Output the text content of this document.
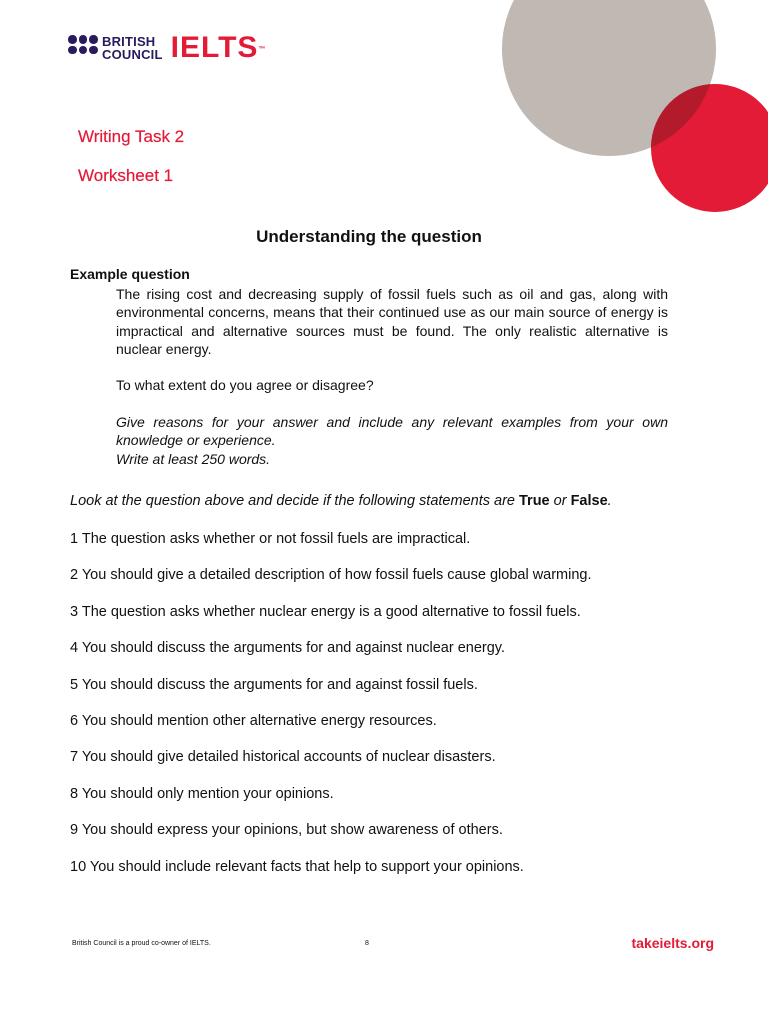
BRITISH
COUNCIL IELTS ™
Writing Task 2
Worksheet 1
Understanding the question

Example question

The rising cost and decreasing supply of fossil fuels such as oil and gas, along with environmental concerns, means that their continued use as our main source of energy is impractical and alternative sources must be found. The only realistic alternative is nuclear energy.

To what extent do you agree or disagree?

Give reasons for your answer and include any relevant examples from your own knowledge or experience.

Write at least 250 words.

Look at the question above and decide if the following statements are True or False.

1 The question asks whether or not fossil fuels are impractical.
2 You should give a detailed description of how fossil fuels cause global warming.
3 The question asks whether nuclear energy is a good alternative to fossil fuels.
4 You should discuss the arguments for and against nuclear energy.
5 You should discuss the arguments for and against fossil fuels.
6 You should mention other alternative energy resources.
7 You should give detailed historical accounts of nuclear disasters.
8 You should only mention your opinions.
9 You should express your opinions, but show awareness of others.
10 You should include relevant facts that help to support your opinions.
British Council is a proud co-owner of IELTS.	8	takeielts.org
